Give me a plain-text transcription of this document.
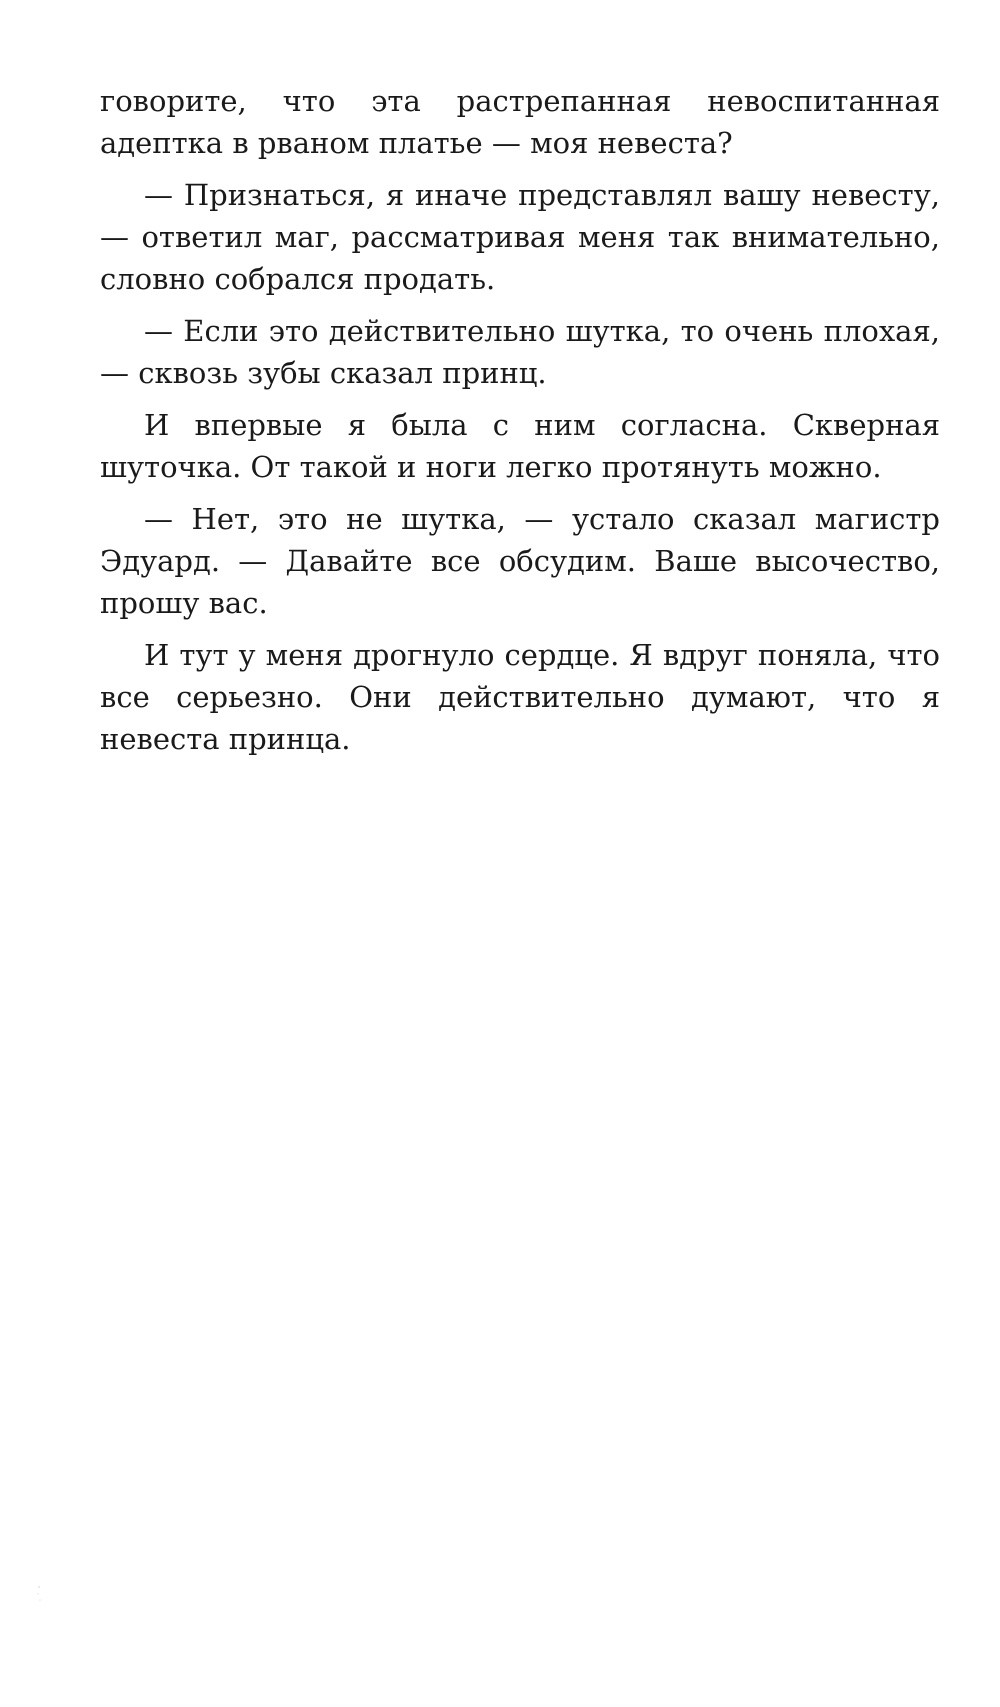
говорите, что эта растрепанная невоспитанная адептка в рваном платье — моя невеста?

— Признаться, я иначе представлял вашу невесту, — ответил маг, рассматривая меня так внимательно, словно собрался продать.

— Если это действительно шутка, то очень плохая, — сквозь зубы сказал принц.

И впервые я была с ним согласна. Скверная шуточка. От такой и ноги легко протянуть можно.

— Нет, это не шутка, — устало сказал магистр Эдуард. — Давайте все обсудим. Ваше высочество, прошу вас.

И тут у меня дрогнуло сердце. Я вдруг поняла, что все серьезно. Они действительно думают, что я невеста принца.
